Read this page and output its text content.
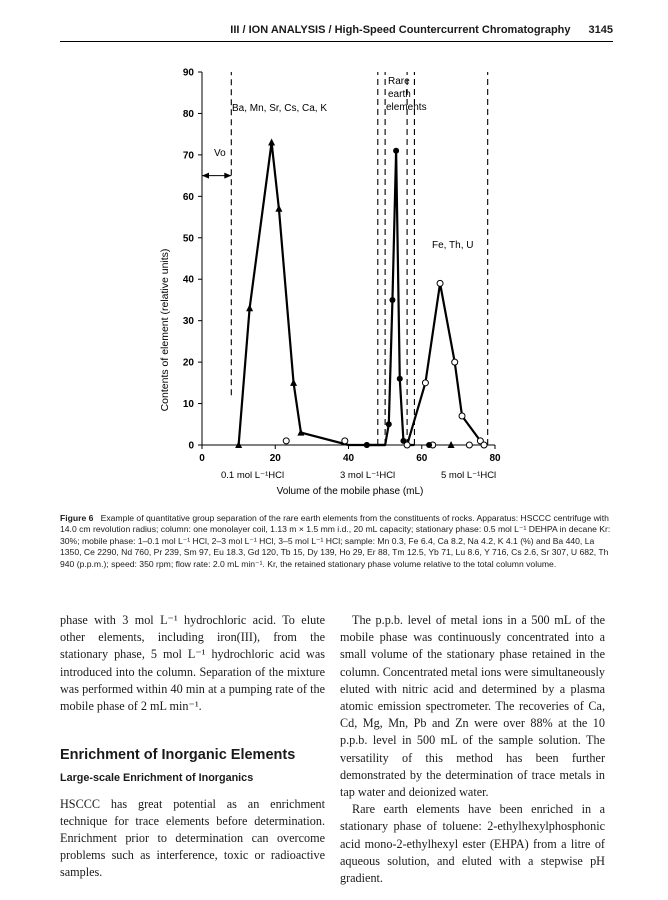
III / ION ANALYSIS / High-Speed Countercurrent Chromatography 3145
0
10
20
30
40
50
60
70
80
90
0	20	40	60	80
Contents of element (relative units)
Volume of the mobile phase (mL)
Ba, Mn, Sr, Cs, Ca, K
Rare
earth
elements
Fe, Th, U
Vo
0.1 mol L⁻¹HCl	3 mol L⁻¹HCl	5 mol L⁻¹HCl
Figure 6 Example of quantitative group separation of the rare earth elements from the constituents of rocks. Apparatus: HSCCC centrifuge with 14.0 cm revolution radius; column: one monolayer coil, 1.13 m × 1.5 mm i.d., 20 mL capacity; stationary phase: 0.5 mol L⁻¹ DEHPA in decane Kr: 30%; mobile phase: 1–0.1 mol L⁻¹ HCl, 2–3 mol L⁻¹ HCl, 3–5 mol L⁻¹ HCl; sample: Mn 0.3, Fe 6.4, Ca 8.2, Na 4.2, K 4.1 (%) and Ba 440, La 1350, Ce 2290, Nd 760, Pr 239, Sm 97, Eu 18.3, Gd 120, Tb 15, Dy 139, Ho 29, Er 88, Tm 12.5, Yb 71, Lu 8.6, Y 716, Cs 2.6, Sr 307, U 682, Th 940 (p.p.m.); speed: 350 rpm; flow rate: 2.0 mL min⁻¹. Kr, the retained stationary phase volume relative to the total column volume.

phase with 3 mol L⁻¹ hydrochloric acid. To elute other elements, including iron(III), from the stationary phase, 5 mol L⁻¹ hydrochloric acid was introduced into the column. Separation of the mixture was performed within 40 min at a pumping rate of the mobile phase of 2 mL min⁻¹.

Enrichment of Inorganic Elements
Large-scale Enrichment of Inorganics

HSCCC has great potential as an enrichment technique for trace elements before determination. Enrichment prior to determination can overcome problems such as interference, toxic or radioactive samples.

The p.p.b. level of metal ions in a 500 mL of the mobile phase was continuously concentrated into a small volume of the stationary phase retained in the column. Concentrated metal ions were simultaneously eluted with nitric acid and determined by a plasma atomic emission spectrometer. The recoveries of Ca, Cd, Mg, Mn, Pb and Zn were over 88% at the 10 p.p.b. level in 500 mL of the sample solution. The versatility of this method has been further demonstrated by the determination of trace metals in tap water and deionized water.

Rare earth elements have been enriched in a stationary phase of toluene: 2-ethylhexylphosphonic acid mono-2-ethylhexyl ester (EHPA) from a litre of aqueous solution, and eluted with a stepwise pH gradient.
